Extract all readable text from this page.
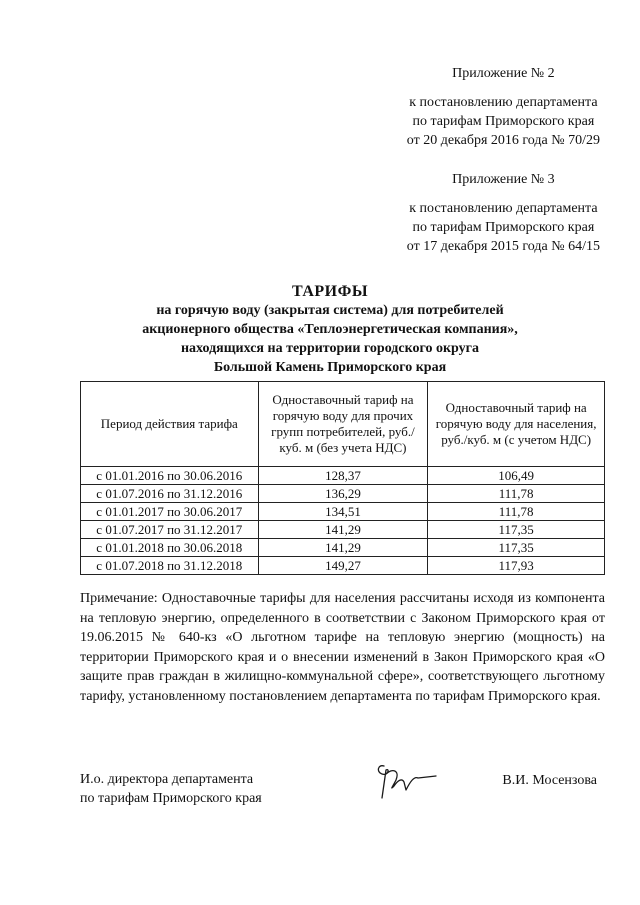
Приложение № 2
к постановлению департамента
по тарифам Приморского края
от 20 декабря 2016 года № 70/29
Приложение № 3
к постановлению департамента
по тарифам Приморского края
от 17 декабря 2015 года № 64/15
ТАРИФЫ
на горячую воду (закрытая система) для потребителей
акционерного общества «Теплоэнергетическая компания»,
находящихся на территории городского округа
Большой Камень Приморского края
Период действия тарифа	Одноставочный тариф на горячую воду для прочих групп потребителей, руб./куб. м (без учета НДС)	Одноставочный тариф на горячую воду для населения, руб./куб. м (с учетом НДС)
с 01.01.2016 по 30.06.2016	128,37	106,49
с 01.07.2016 по 31.12.2016	136,29	111,78
с 01.01.2017 по 30.06.2017	134,51	111,78
с 01.07.2017 по 31.12.2017	141,29	117,35
с 01.01.2018 по 30.06.2018	141,29	117,35
с 01.07.2018 по 31.12.2018	149,27	117,93

Примечание: Одноставочные тарифы для населения рассчитаны исходя из компонента на тепловую энергию, определенного в соответствии с Законом Приморского края от 19.06.2015 № 640-кз «О льготном тарифе на тепловую энергию (мощность) на территории Приморского края и о внесении изменений в Закон Приморского края «О защите прав граждан в жилищно-коммунальной сфере», соответствующего льготному тарифу, установленному постановлением департамента по тарифам Приморского края.

И.о. директора департамента
по тарифам Приморского края
В.И. Мосензова
